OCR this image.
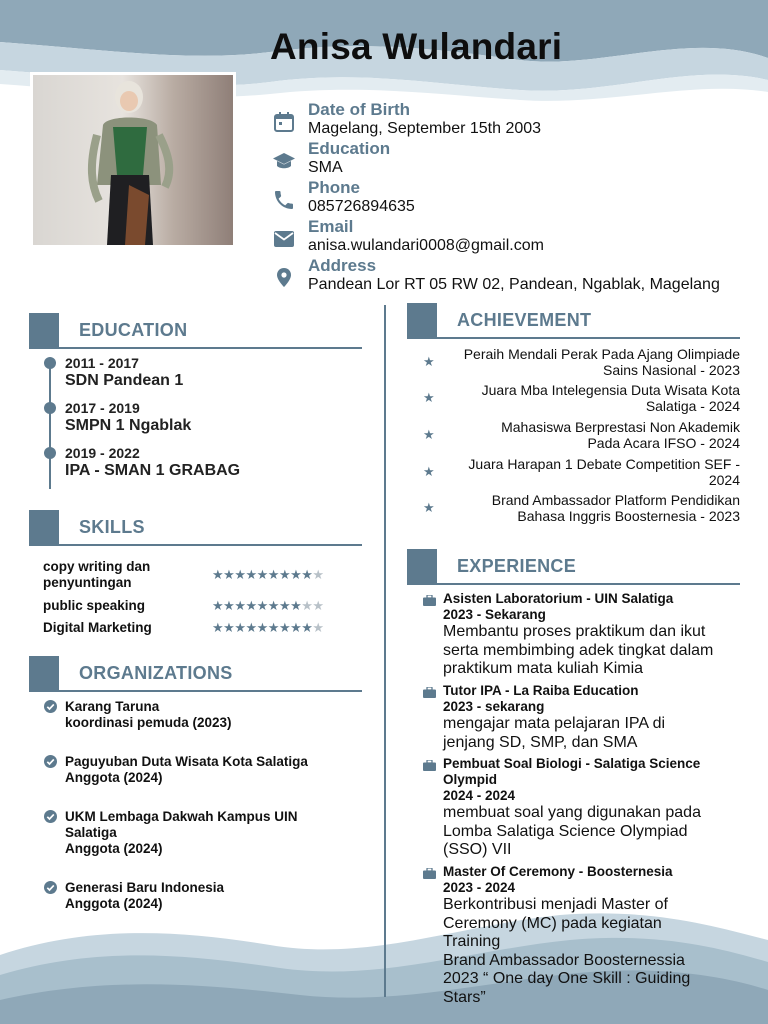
Anisa Wulandari
Date of Birth
Magelang, September 15th 2003
Education
SMA
Phone
085726894635
Email
anisa.wulandari0008@gmail.com
Address
Pandean Lor RT 05 RW 02, Pandean, Ngablak, Magelang
EDUCATION
2011 - 2017
SDN Pandean 1
2017 - 2019
SMPN 1 Ngablak
2019 - 2022
IPA - SMAN 1 GRABAG
SKILLS
copy writing dan
penyuntingan
★★★★★★★★★★
public speaking	★★★★★★★★★★
Digital Marketing	★★★★★★★★★★
ORGANIZATIONS
Karang Taruna
koordinasi pemuda (2023)
Paguyuban Duta Wisata Kota Salatiga
Anggota (2024)
UKM Lembaga Dakwah Kampus UIN
Salatiga
Anggota (2024)
Generasi Baru Indonesia
Anggota (2024)
ACHIEVEMENT
★	Peraih Mendali Perak Pada Ajang Olimpiade
Sains Nasional - 2023
★	Juara Mba Intelegensia Duta Wisata Kota
Salatiga - 2024
★	Mahasiswa Berprestasi Non Akademik
Pada Acara IFSO - 2024
★	Juara Harapan 1 Debate Competition SEF -
2024
★	Brand Ambassador Platform Pendidikan
Bahasa Inggris Boosternesia - 2023
EXPERIENCE
Asisten Laboratorium - UIN Salatiga
2023 - Sekarang
Membantu proses praktikum dan ikut
serta membimbing adek tingkat dalam
praktikum mata kuliah Kimia
Tutor IPA - La Raiba Education
2023 - sekarang
mengajar mata pelajaran IPA di
jenjang SD, SMP, dan SMA
Pembuat Soal Biologi - Salatiga Science Olympid
2024 - 2024
membuat soal yang digunakan pada
Lomba Salatiga Science Olympiad
(SSO) VII
Master Of Ceremony - Boosternesia
2023 - 2024
Berkontribusi menjadi Master of
Ceremony (MC) pada kegiatan
Training
Brand Ambassador Boosternessia
2023 “ One day One Skill : Guiding
Stars”
